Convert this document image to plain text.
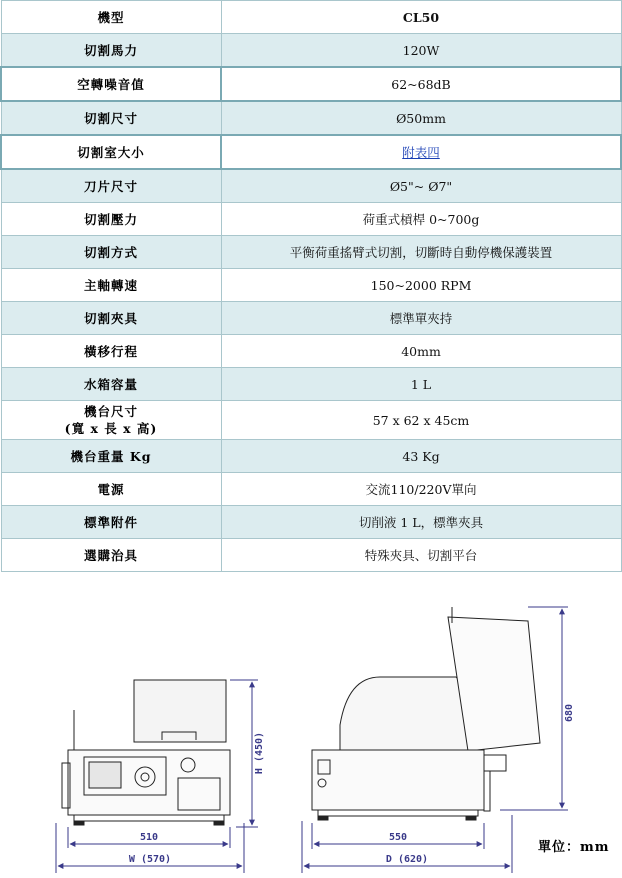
機型	CL50
切割馬力	120W
空轉噪音值	62~68dB
切割尺寸	Ø50mm
切割室大小	附表四
刀片尺寸	Ø5"~ Ø7"
切割壓力	荷重式槓桿 0~700g
切割方式	平衡荷重搖臂式切割，切斷時自動停機保護裝置
主軸轉速	150~2000 RPM
切割夾具	標準單夾持
橫移行程	40mm
水箱容量	1 L

機台尺寸
(寬 x 長 x 高)	57 x 62 x 45cm
機台重量 Kg	43 Kg
電源	交流110/220V單向
標準附件	切削液 1 L，標準夾具
選購治具	特殊夾具、切割平台
510
W (570)
H (450)
550
D (620)
680
單位：mm
